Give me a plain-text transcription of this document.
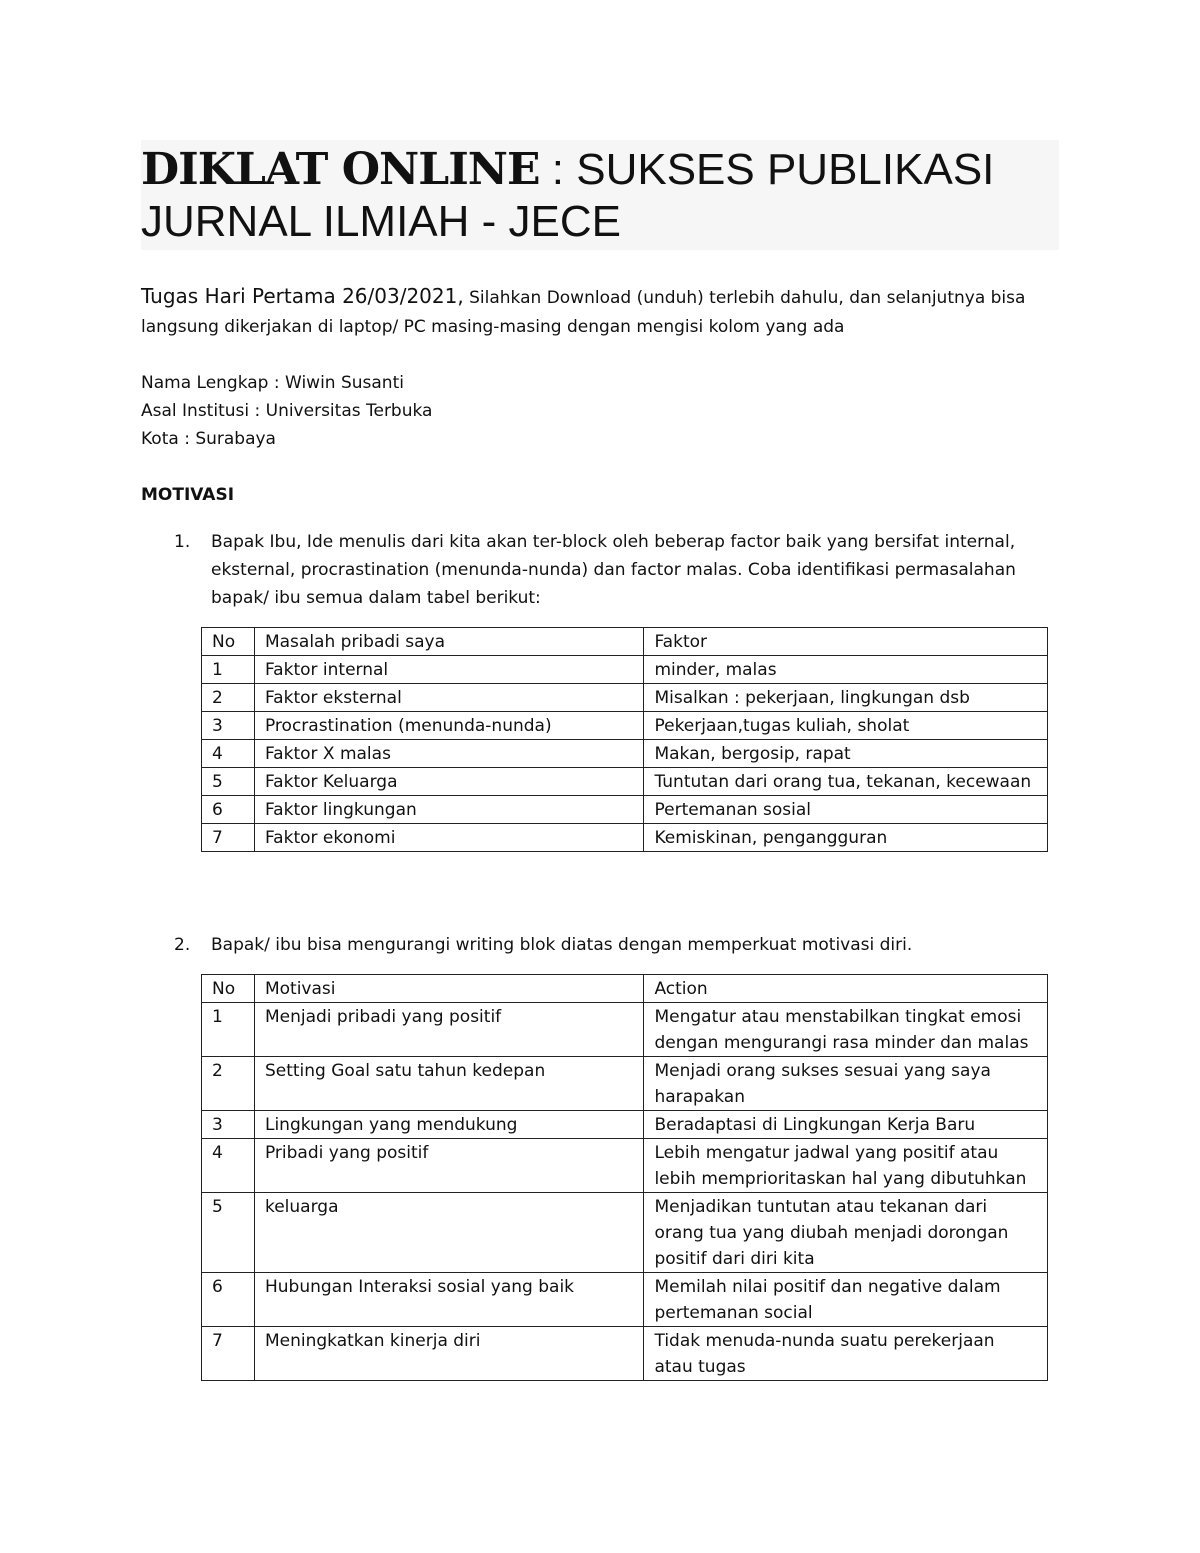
DIKLAT ONLINE : SUKSES PUBLIKASI
JURNAL ILMIAH - JECE
Tugas Hari Pertama 26/03/2021, Silahkan Download (unduh) terlebih dahulu, dan selanjutnya bisa langsung dikerjakan di laptop/ PC masing-masing dengan mengisi kolom yang ada
Nama Lengkap : Wiwin Susanti
Asal Institusi : Universitas Terbuka
Kota : Surabaya
MOTIVASI
1. Bapak Ibu, Ide menulis dari kita akan ter-block oleh beberap factor baik yang bersifat internal, eksternal, procrastination (menunda-nunda) dan factor malas. Coba identifikasi permasalahan bapak/ ibu semua dalam tabel berikut:
No	Masalah pribadi saya	Faktor
1	Faktor internal	minder, malas
2	Faktor eksternal	Misalkan : pekerjaan, lingkungan dsb
3	Procrastination (menunda-nunda)	Pekerjaan,tugas kuliah, sholat
4	Faktor X malas	Makan, bergosip, rapat
5	Faktor Keluarga	Tuntutan dari orang tua, tekanan, kecewaan
6	Faktor lingkungan	Pertemanan sosial
7	Faktor ekonomi	Kemiskinan, pengangguran
2. Bapak/ ibu bisa mengurangi writing blok diatas dengan memperkuat motivasi diri.
No	Motivasi	Action
1	Menjadi pribadi yang positif	Mengatur atau menstabilkan tingkat emosi dengan mengurangi rasa minder dan malas
2	Setting Goal satu tahun kedepan	Menjadi orang sukses sesuai yang saya harapakan
3	Lingkungan yang mendukung	Beradaptasi di Lingkungan Kerja Baru
4	Pribadi yang positif	Lebih mengatur jadwal yang positif atau lebih memprioritaskan hal yang dibutuhkan
5	keluarga	Menjadikan tuntutan atau tekanan dari orang tua yang diubah menjadi dorongan positif dari diri kita
6	Hubungan Interaksi sosial yang baik	Memilah nilai positif dan negative dalam pertemanan social
7	Meningkatkan kinerja diri	Tidak menuda-nunda suatu perekerjaan atau tugas
